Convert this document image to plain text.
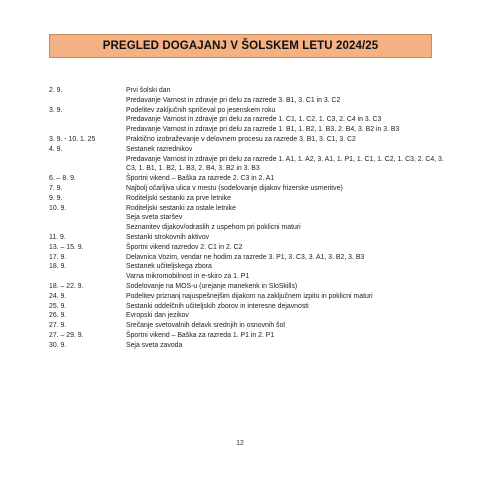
PREGLED DOGAJANJ V ŠOLSKEM LETU 2024/25
2. 9.	Prvi šolski dan
Predavanje Varnost in zdravje pri delu za razrede 3. B1, 3. C1 in 3. C2
3. 9.	Podelitev zaključnih spričeval po jesenskem roku
Predavanje Varnost in zdravje pri delu za razrede 1. C1, 1. C2, 1. C3, 2. C4 in 3. C3
Predavanje Varnost in zdravje pri delu za razrede 1. B1, 1. B2, 1. B3, 2. B4, 3. B2 in 3. B3
3. 9. - 10. 1. 25	Praktično izobraževanje v delovnem procesu za razrede 3. B1, 3. C1, 3. C2
4. 9.	Sestanek razrednikov
Predavanje Varnost in zdravje pri delu za razrede 1. A1, 1. A2, 3. A1, 1. P1, 1. C1, 1. C2, 1. C3, 2. C4, 3. C3, 1. B1, 1. B2, 1. B3, 2. B4, 3. B2 in 3. B3
6. – 8. 9.	Športni vikend – Baška za razrede 2. C3 in 2. A1
7. 9.	Najbolj očarljiva ulica v mestu (sodelovanje dijakov frizerske usmeritve)
9. 9.	Roditeljski sestanki za prve letnike
10. 9.	Roditeljski sestanki za ostale letnike
Seja sveta staršev
Seznanitev dijakov/odraslih z uspehom pri poklicni maturi
11. 9.	Sestanki strokovnih aktivov
13. – 15. 9.	Športni vikend razredov 2. C1 in 2. C2
17. 9.	Delavnica Vozim, vendar ne hodim za razrede 3. P1, 3. C3, 3. A1, 3. B2, 3. B3
18. 9.	Sestanek učiteljskega zbora
Varna mikromobilnost in e-skiro za 1. P1
18. – 22. 9.	Sodelovanje na MOS-u (urejanje manekenk in SloSkills)
24. 9.	Podelitev priznanj najuspešnejšim dijakom na zaključnem izpitu in poklicni maturi
25. 9.	Sestanki oddelčnih učiteljskih zborov in interesne dejavnosti
26. 9.	Evropski dan jezikov
27. 9.	Srečanje svetovalnih delavk srednjih in osnovnih šol
27. – 29. 9.	Športni vikend – Baška za razreda 1. P1 in 2. P1
30. 9.	Seja sveta zavoda
12
